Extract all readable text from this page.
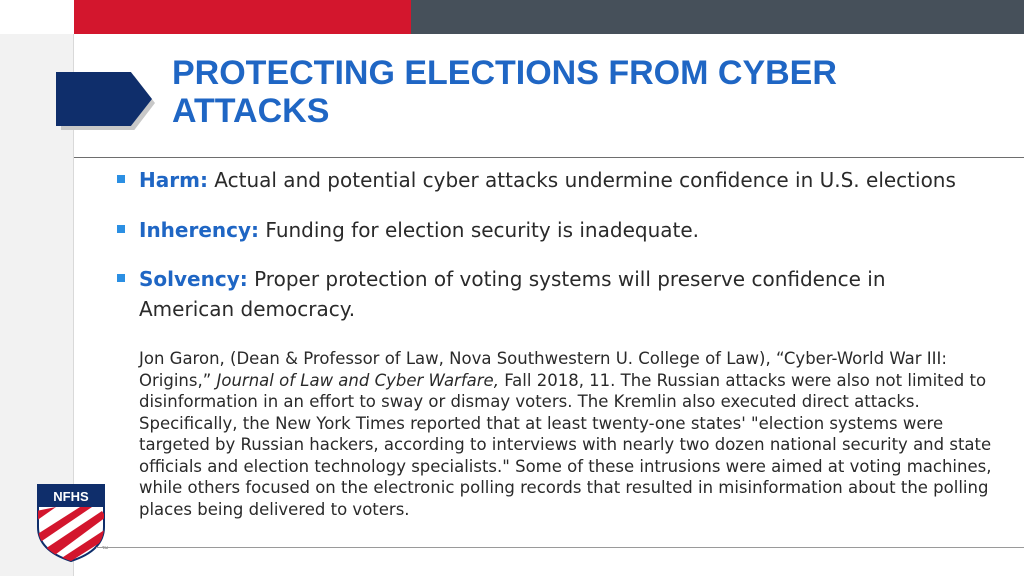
PROTECTING ELECTIONS FROM CYBER ATTACKS
Harm: Actual and potential cyber attacks undermine confidence in U.S. elections
Inherency: Funding for election security is inadequate.
Solvency: Proper protection of voting systems will preserve confidence in American democracy.

Jon Garon, (Dean & Professor of Law, Nova Southwestern U. College of Law), “Cyber-World War III: Origins,” Journal of Law and Cyber Warfare, Fall 2018, 11. The Russian attacks were also not limited to disinformation in an effort to sway or dismay voters. The Kremlin also executed direct attacks. Specifically, the New York Times reported that at least twenty-one states' "election systems were targeted by Russian hackers, according to interviews with nearly two dozen national security and state officials and election technology specialists." Some of these intrusions were aimed at voting machines, while others focused on the electronic polling records that resulted in misinformation about the polling places being delivered to voters.

NFHS
